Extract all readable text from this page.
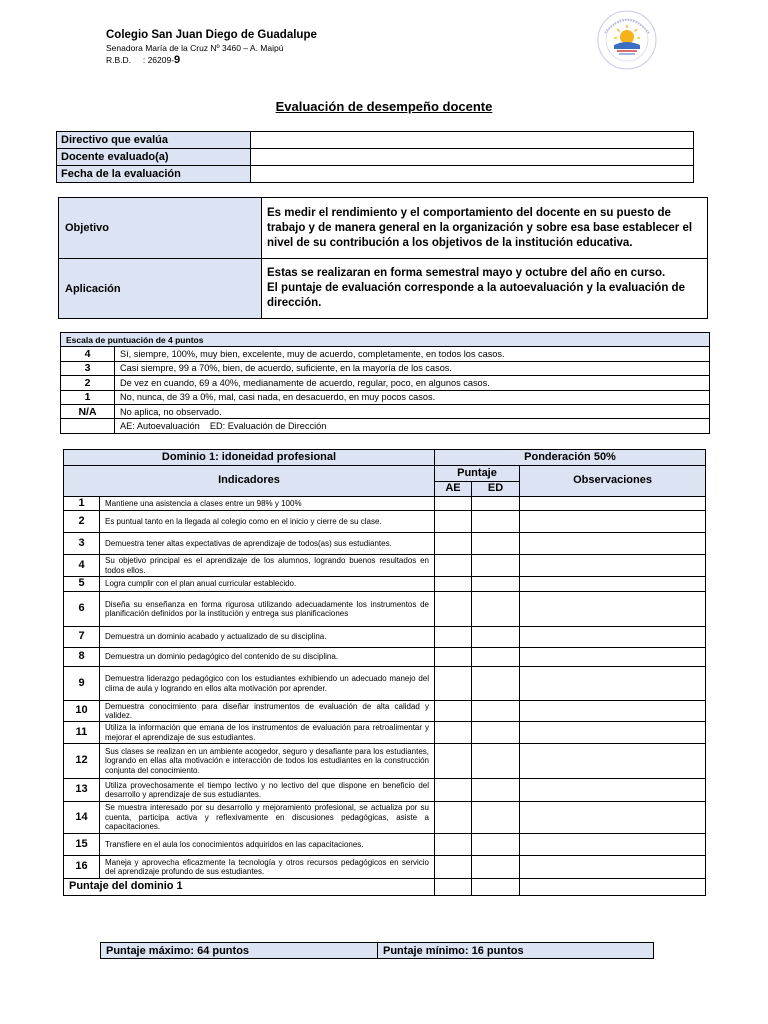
Colegio San Juan Diego de Guadalupe
Senadora María de la Cruz Nº 3460 – A. Maipú
R.B.D. : 26209-9
Evaluación de desempeño docente
Directivo que evalúa	
Docente evaluado(a)	
Fecha de la evaluación	
Objetivo	Es medir el rendimiento y el comportamiento del docente en su puesto de trabajo y de manera general en la organización y sobre esa base establecer el nivel de su contribución a los objetivos de la institución educativa.
Aplicación	Estas se realizaran en forma semestral mayo y octubre del año en curso.
El puntaje de evaluación corresponde a la autoevaluación y la evaluación de dirección.
Escala de puntuación de 4 puntos	
4	Sí, siempre, 100%, muy bien, excelente, muy de acuerdo, completamente, en todos los casos.
3	Casi siempre, 99 a 70%, bien, de acuerdo, suficiente, en la mayoría de los casos.
2	De vez en cuando, 69 a 40%, medianamente de acuerdo, regular, poco, en algunos casos.
1	No, nunca, de 39 a 0%, mal, casi nada, en desacuerdo, en muy pocos casos.
N/A	No aplica, no observado.
	AE: Autoevaluación    ED: Evaluación de Dirección
Dominio 1: idoneidad profesional		Ponderación 50%		
Indicadores		Puntaje		Observaciones
		AE	ED	
1	Mantiene una asistencia a clases entre un 98% y 100%			
2	Es puntual tanto en la llegada al colegio como en el inicio y cierre de su clase.			
3	Demuestra tener altas expectativas de aprendizaje de todos(as) sus estudiantes.			
4	Su objetivo principal es el aprendizaje de los alumnos, logrando buenos resultados en todos ellos.			
5	Logra cumplir con el plan anual curricular establecido.			
6	Diseña su enseñanza en forma rigurosa utilizando adecuadamente los instrumentos de planificación definidos por la institución y entrega sus planificaciones			
7	Demuestra un dominio acabado y actualizado de su disciplina.			
8	Demuestra un dominio pedagógico del contenido de su disciplina.			
9	Demuestra liderazgo pedagógico con los estudiantes exhibiendo un adecuado manejo del clima de aula y logrando en ellos alta motivación por aprender.			
10	Demuestra conocimiento para diseñar instrumentos de evaluación de alta calidad y validez.			
11	Utiliza la información que emana de los instrumentos de evaluación para retroalimentar y mejorar el aprendizaje de sus estudiantes.			
12	Sus clases se realizan en un ambiente acogedor, seguro y desafiante para los estudiantes, logrando en ellas alta motivación e interacción de todos los estudiantes en la construcción conjunta del conocimiento.			
13	Utiliza provechosamente el tiempo lectivo y no lectivo del que dispone en beneficio del desarrollo y aprendizaje de sus estudiantes.			
14	Se muestra interesado por su desarrollo y mejoramiento profesional, se actualiza por su cuenta, participa activa y reflexivamente en discusiones pedagógicas, asiste a capacitaciones.			
15	Transfiere en el aula los conocimientos adquiridos en las capacitaciones.			
16	Maneja y aprovecha eficazmente la tecnología y otros recursos pedagógicos en servicio del aprendizaje profundo de sus estudiantes.			
Puntaje del dominio 1				
Puntaje máximo: 64 puntos	Puntaje mínimo: 16 puntos
